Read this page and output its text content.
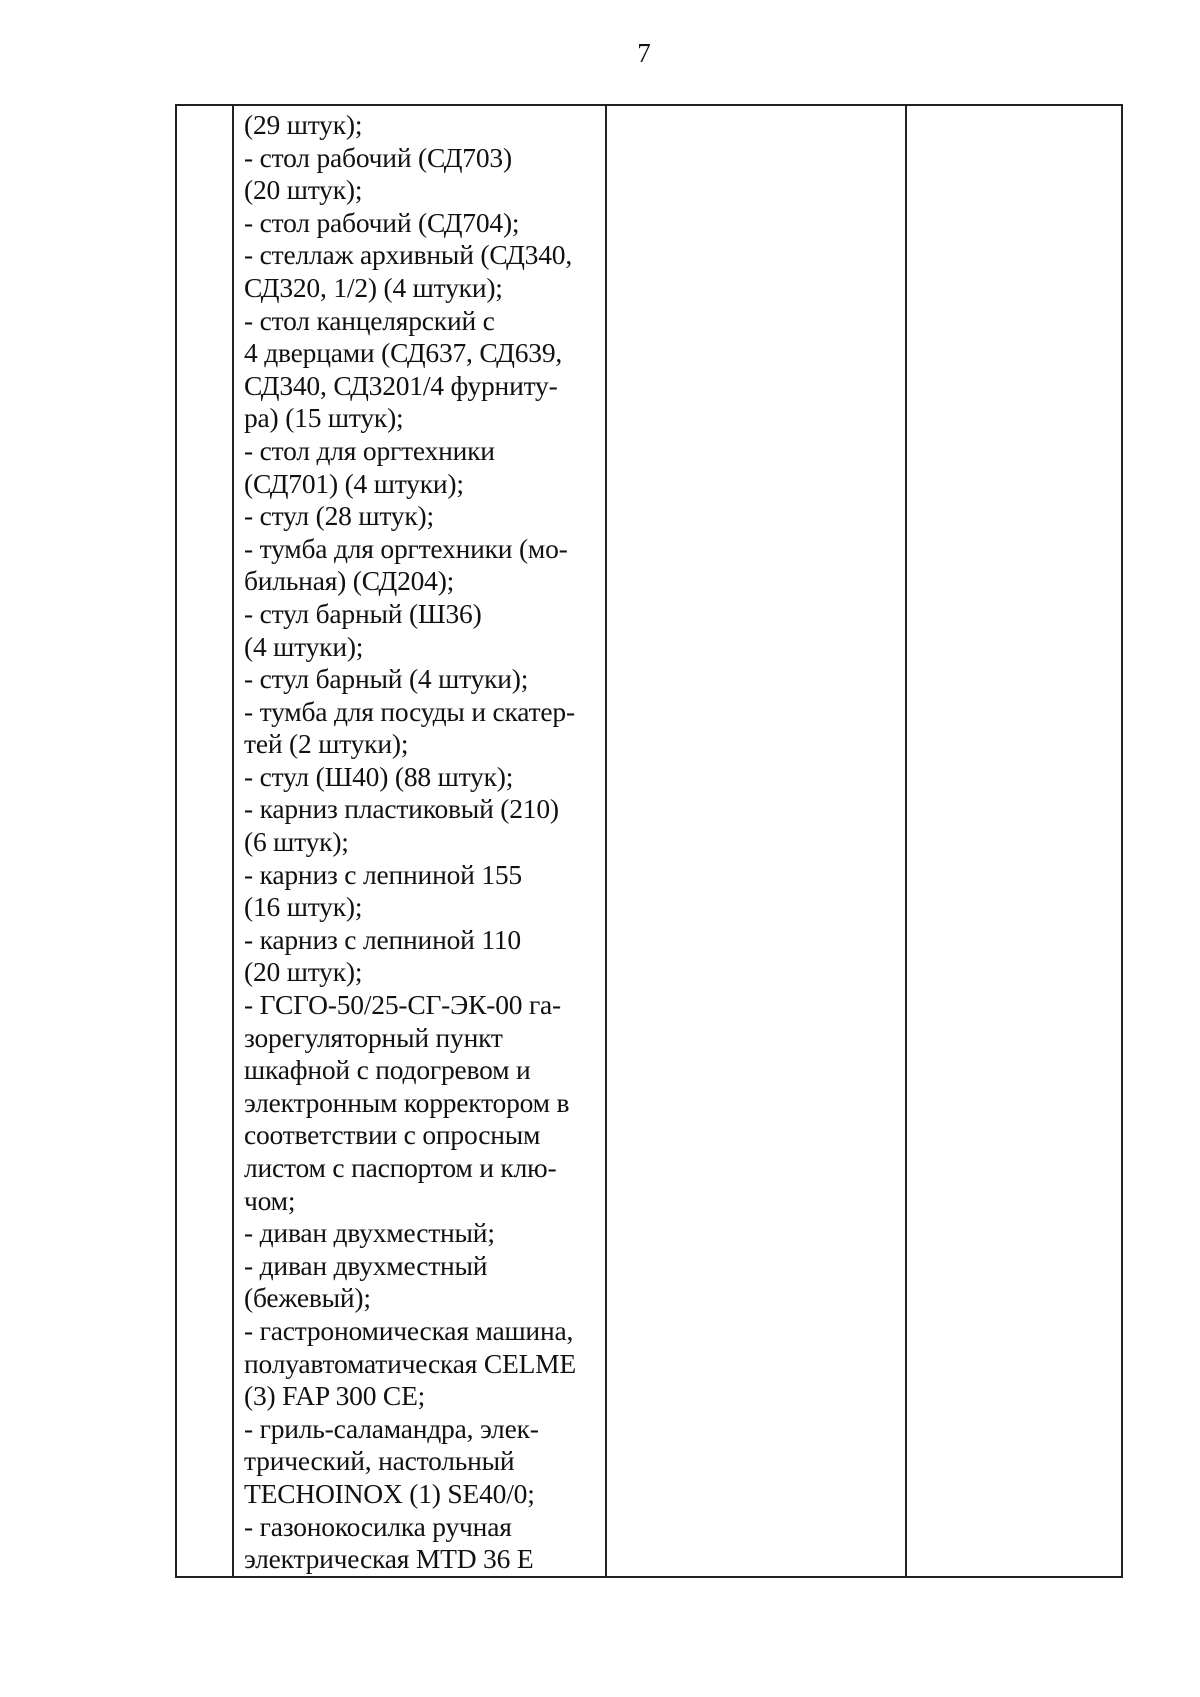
7

(29 штук);
- стол рабочий (СД703)
(20 штук);
- стол рабочий (СД704);
- стеллаж архивный (СД340,
СД320, 1/2) (4 штуки);
- стол канцелярский с
4 дверцами (СД637, СД639,
СД340, СД3201/4 фурниту-
ра) (15 штук);
- стол для оргтехники
(СД701) (4 штуки);
- стул (28 штук);
- тумба для оргтехники (мо-
бильная) (СД204);
- стул барный (Ш36)
(4 штуки);
- стул барный (4 штуки);
- тумба для посуды и скатер-
тей (2 штуки);
- стул (Ш40) (88 штук);
- карниз пластиковый (210)
(6 штук);
- карниз с лепниной 155
(16 штук);
- карниз с лепниной 110
(20 штук);
- ГСГО-50/25-СГ-ЭК-00 га-
зорегуляторный пункт
шкафной с подогревом и
электронным корректором в
соответствии с опросным
листом с паспортом и клю-
чом;
- диван двухместный;
- диван двухместный
(бежевый);
- гастрономическая машина,
полуавтоматическая CELME
(3) FAP 300 CE;
- гриль-саламандра, элек-
трический, настольный
TECHOINOX (1) SE40/0;
- газонокосилка ручная
электрическая MTD 36 E
